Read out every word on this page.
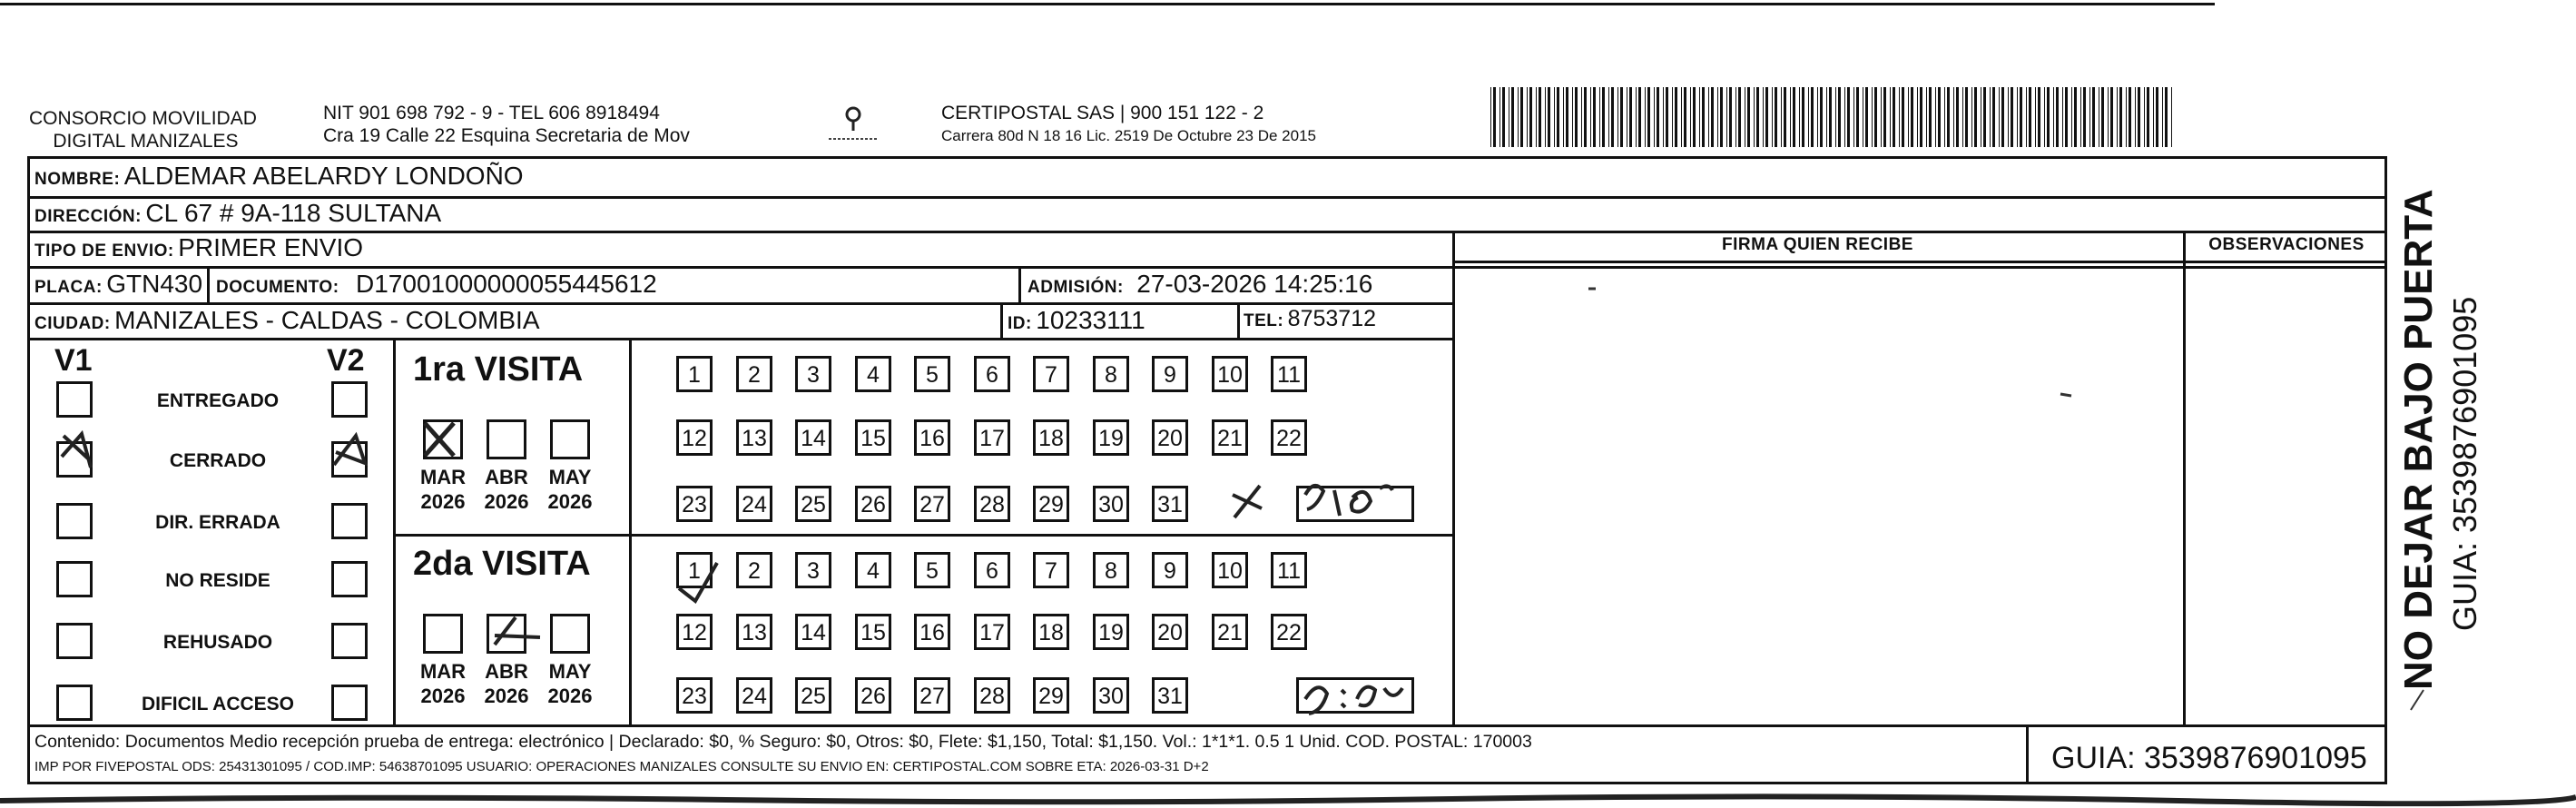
CONSORCIO MOVILIDAD
DIGITAL MANIZALES
NIT 901 698 792 - 9 - TEL 606 8918494
Cra 19 Calle 22 Esquina Secretaria de Mov
CERTIPOSTAL SAS | 900 151 122 - 2
Carrera 80d N 18 16 Lic. 2519 De Octubre 23 De 2015
NOMBRE: ALDEMAR ABELARDY LONDOÑO
DIRECCIÓN: CL 67 # 9A-118 SULTANA
TIPO DE ENVIO: PRIMER ENVIO	FIRMA QUIEN RECIBE	OBSERVACIONES
PLACA: GTN430 DOCUMENTO: D17001000000055445612	ADMISIÓN: 27-03-2026 14:25:16
CIUDAD: MANIZALES - CALDAS - COLOMBIA	ID: 10233111	TEL: 8753712
V1	V2
ENTREGADO
CERRADO
DIR. ERRADA
NO RESIDE
REHUSADO
DIFICIL ACCESO
1ra VISITA
2da VISITA
MAR
2026
ABR
2026
MAY
2026
MAR
2026
ABR
2026
MAY
2026
1	2	3	4	5	6	7	8	9	10 11
12 13 14 15 16 17 18 19 20 21 22
23 24 25 26 27 28 29 30 31
1	2	3	4	5	6	7	8	9	10 11
12 13 14 15 16 17 18 19 20 21 22
23 24 25 26 27 28 29 30 31
Contenido: Documentos Medio recepción prueba de entrega: electrónico | Declarado: $0, % Seguro: $0, Otros: $0, Flete: $1,150, Total: $1,150. Vol.: 1*1*1. 0.5 1 Unid. COD. POSTAL: 170003
IMP POR FIVEPOSTAL ODS: 25431301095 / COD.IMP: 54638701095 USUARIO: OPERACIONES MANIZALES CONSULTE SU ENVIO EN: CERTIPOSTAL.COM SOBRE ETA: 2026-03-31 D+2	GUIA: 3539876901095
NO DEJAR BAJO PUERTA GUIA: 3539876901095
